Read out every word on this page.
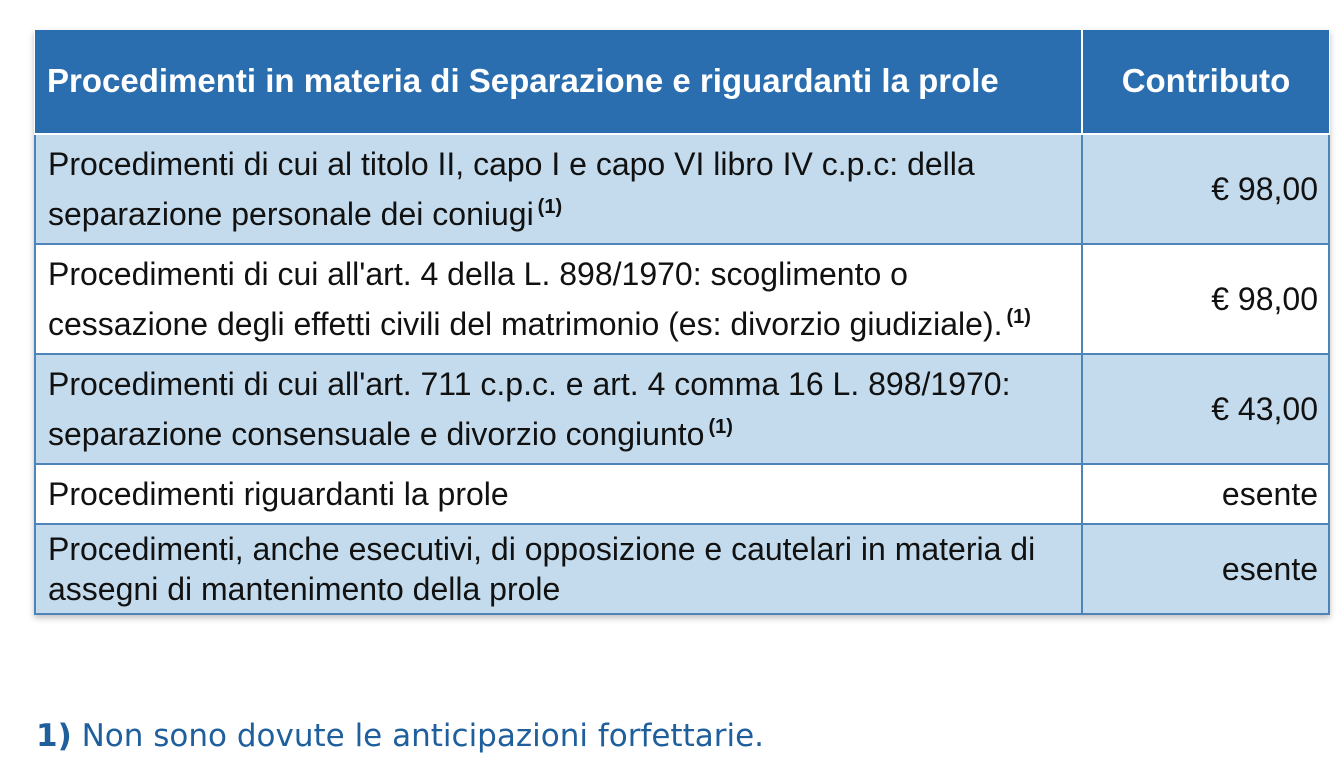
Procedimenti in materia di Separazione e riguardanti la prole	Contributo
Procedimenti di cui al titolo II, capo I e capo VI libro IV c.p.c: della separazione personale dei coniugi $^{(1)}$	€ 98,00
Procedimenti di cui all'art. 4 della L. 898/1970: scoglimento o cessazione degli effetti civili del matrimonio (es: divorzio giudiziale). $^{(1)}$	€ 98,00
Procedimenti di cui all'art. 711 c.p.c. e art. 4 comma 16 L. 898/1970: separazione consensuale e divorzio congiunto $^{(1)}$	€ 43,00
Procedimenti riguardanti la prole	esente
Procedimenti, anche esecutivi, di opposizione e cautelari in materia di assegni di mantenimento della prole	esente

1) Non sono dovute le anticipazioni forfettarie.
